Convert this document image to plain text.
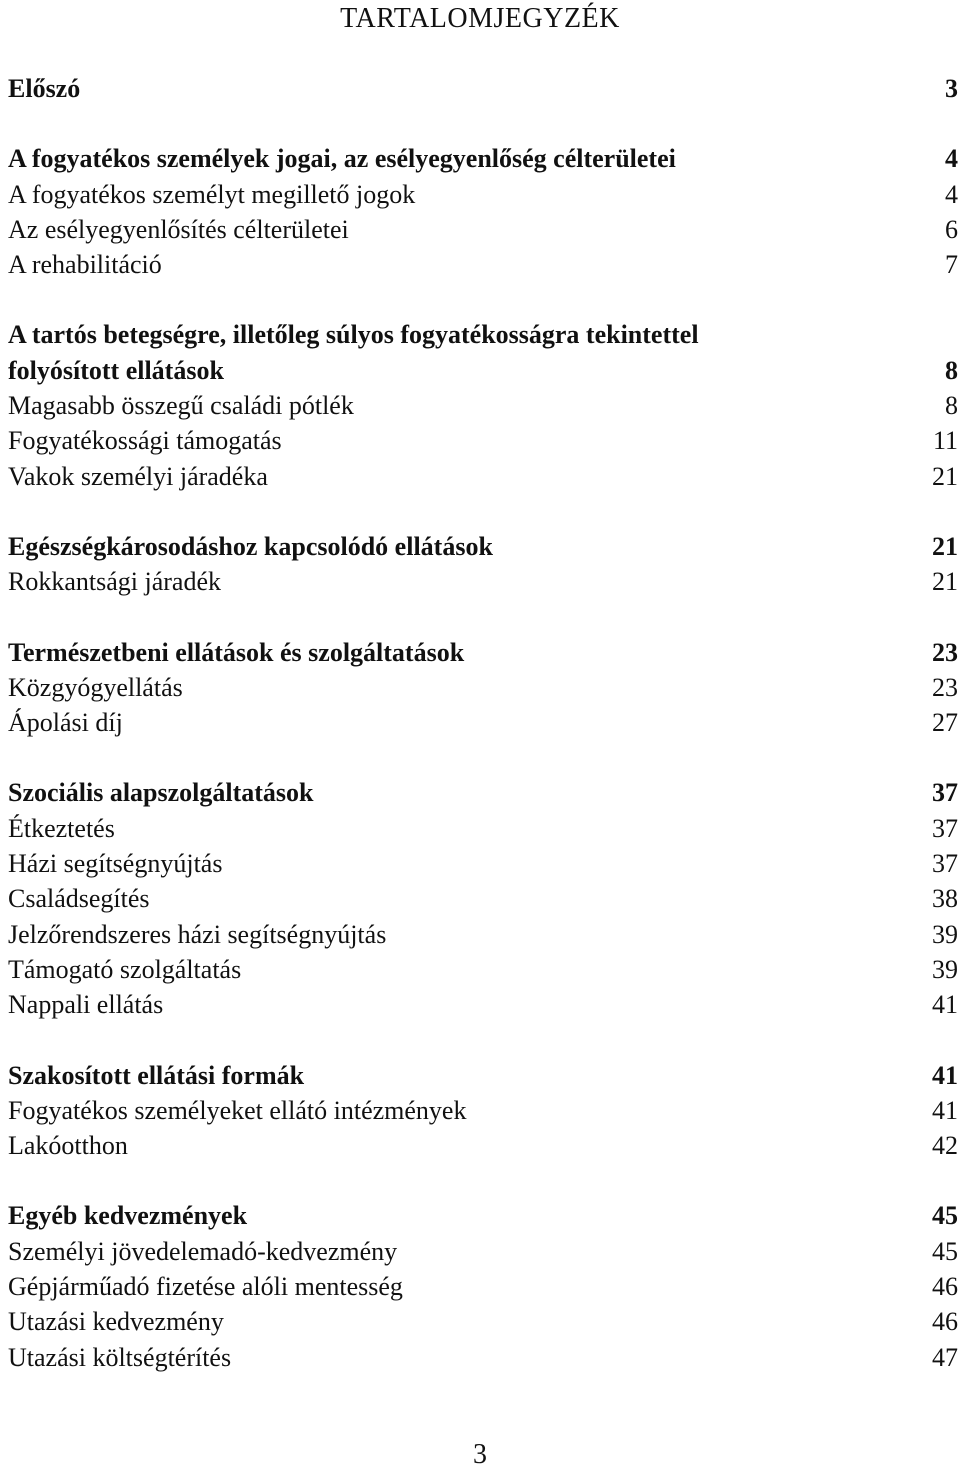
TARTALOMJEGYZÉK
Előszó	3
A fogyatékos személyek jogai, az esélyegyenlőség célterületei	4
A fogyatékos személyt megillető jogok	4
Az esélyegyenlősítés célterületei	6
A rehabilitáció	7
A tartós betegségre, illetőleg súlyos fogyatékosságra tekintettel
folyósított ellátások	8
Magasabb összegű családi pótlék	8
Fogyatékossági támogatás	11
Vakok személyi járadéka	21
Egészségkárosodáshoz kapcsolódó ellátások	21
Rokkantsági járadék	21
Természetbeni ellátások és szolgáltatások	23
Közgyógyellátás	23
Ápolási díj	27
Szociális alapszolgáltatások	37
Étkeztetés	37
Házi segítségnyújtás	37
Családsegítés	38
Jelzőrendszeres házi segítségnyújtás	39
Támogató szolgáltatás	39
Nappali ellátás	41
Szakosított ellátási formák	41
Fogyatékos személyeket ellátó intézmények	41
Lakóotthon	42
Egyéb kedvezmények	45
Személyi jövedelemadó-kedvezmény	45
Gépjárműadó fizetése alóli mentesség	46
Utazási kedvezmény	46
Utazási költségtérítés	47
3
